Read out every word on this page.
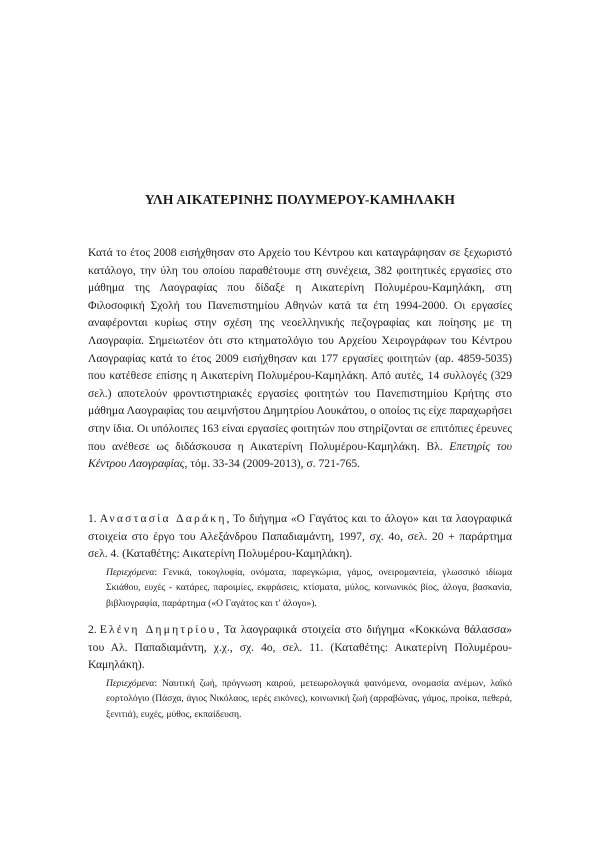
ΥΛΗ ΑΙΚΑΤΕΡΙΝΗΣ ΠΟΛΥΜΕΡΟΥ-ΚΑΜΗΛΑΚΗ

Κατά το έτος 2008 εισήχθησαν στο Αρχείο του Κέντρου και καταγράφησαν σε ξεχωριστό κατάλογο, την ύλη του οποίου παραθέτουμε στη συνέχεια, 382 φοιτητικές εργασίες στο μάθημα της Λαογραφίας που δίδαξε η Αικατερίνη Πολυμέρου-Καμηλάκη, στη Φιλοσοφική Σχολή του Πανεπιστημίου Αθηνών κατά τα έτη 1994-2000. Οι εργασίες αναφέρονται κυρίως στην σχέση της νεοελληνικής πεζογραφίας και ποίησης με τη Λαογραφία. Σημειωτέον ότι στο κτηματολόγιο του Αρχείου Χειρογράφων του Κέντρου Λαογραφίας κατά το έτος 2009 εισήχθησαν και 177 εργασίες φοιτητών (αρ. 4859-5035) που κατέθεσε επίσης η Αικατερίνη Πολυμέρου-Καμηλάκη. Από αυτές, 14 συλλογές (329 σελ.) αποτελούν φροντιστηριακές εργασίες φοιτητών του Πανεπιστημίου Κρήτης στο μάθημα Λαογραφίας του αειμνήστου Δημητρίου Λουκάτου, ο οποίος τις είχε παραχωρήσει στην ίδια. Οι υπόλοιπες 163 είναι εργασίες φοιτητών που στηρίζονται σε επιτόπιες έρευνες που ανέθεσε ως διδάσκουσα η Αικατερίνη Πολυμέρου-Καμηλάκη. Βλ. Επετηρίς του Κέντρου Λαογραφίας, τόμ. 33-34 (2009-2013), σ. 721-765.

1. Αναστασία Δαράκη, Το διήγημα «Ο Γαγάτος και το άλογο» και τα λαογραφικά στοιχεία στο έργο του Αλεξάνδρου Παπαδιαμάντη, 1997, σχ. 4ο, σελ. 20 + παράρτημα σελ. 4. (Καταθέτης: Αικατερίνη Πολυμέρου-Καμηλάκη).

Περιεχόμενα: Γενικά, τοκογλυφία, ονόματα, παρεγκώμια, γάμος, ονειρομαντεία, γλωσσικό ιδίωμα Σκιάθου, ευχές - κατάρες, παροιμίες, εκφράσεις, κτίσματα, μύλος, κοινωνικός βίος, άλογα, βασκανία, βιβλιογραφία, παράρτημα («Ο Γαγάτος και τ' άλογο»).

2. Ελένη Δημητρίου, Τα λαογραφικά στοιχεία στο διήγημα «Κοκκώνα θάλασσα» του Αλ. Παπαδιαμάντη, χ.χ., σχ. 4ο, σελ. 11. (Καταθέτης: Αικατερίνη Πολυμέρου-Καμηλάκη).

Περιεχόμενα: Ναυτική ζωή, πρόγνωση καιρού, μετεωρολογικά φαινόμενα, ονομασία ανέμων, λαϊκό εορτολόγιο (Πάσχα, άγιος Νικόλαος, ιερές εικόνες), κοινωνική ζωή (αρραβώνας, γάμος, προίκα, πεθερά, ξενιτιά), ευχές, μύθος, εκπαίδευση.
